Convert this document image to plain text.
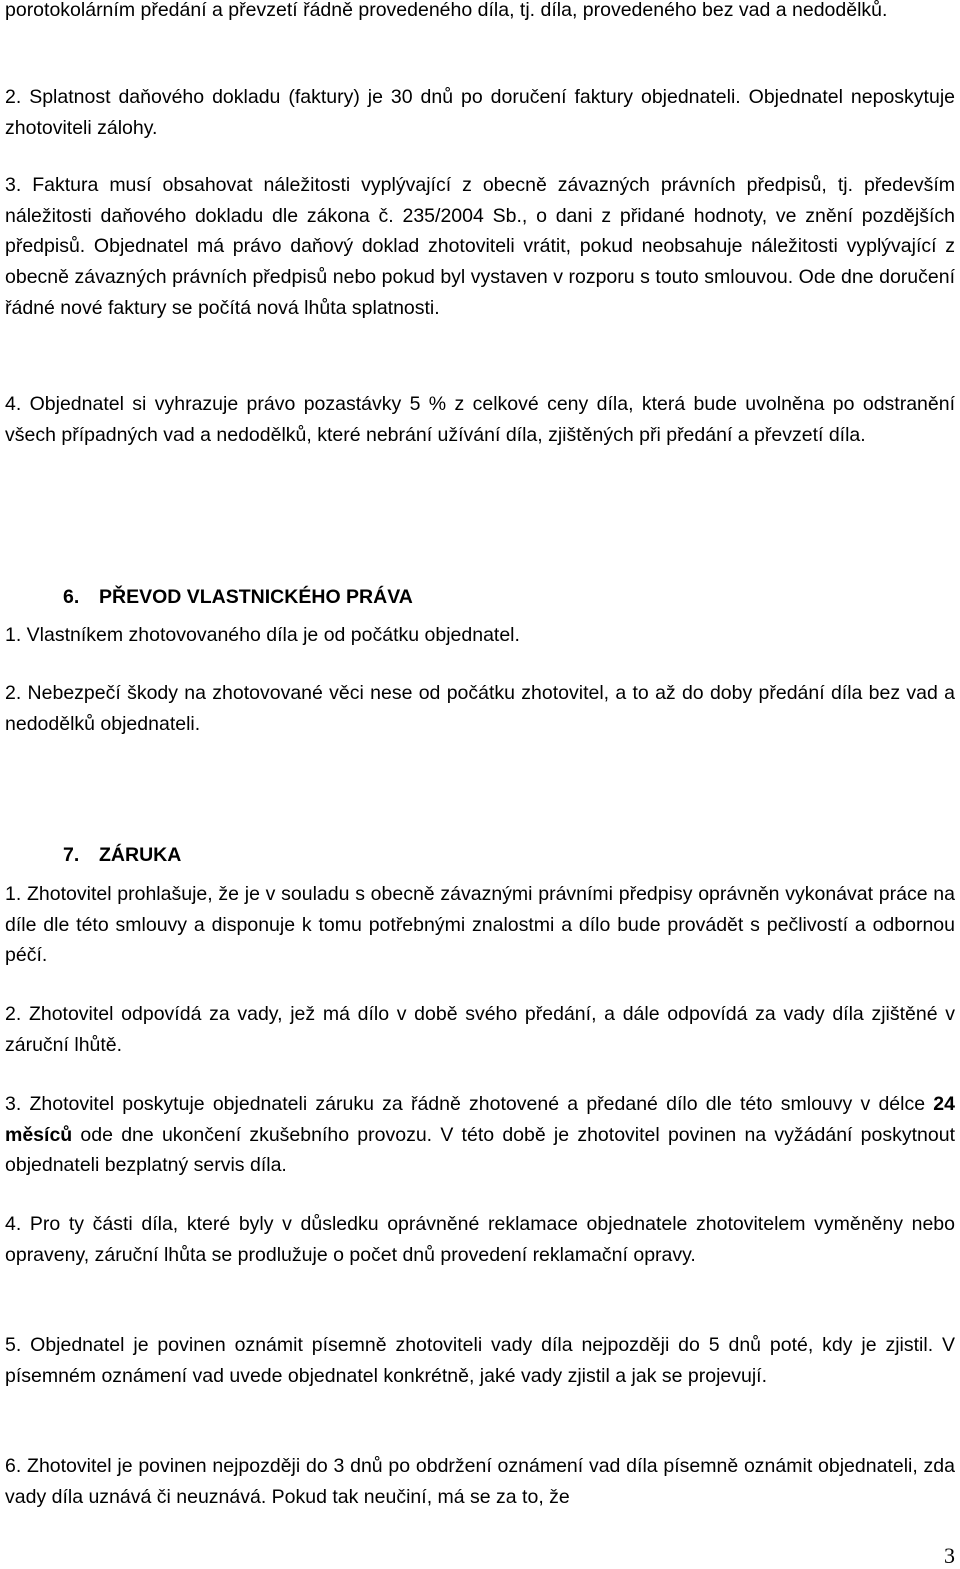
porotokolárním předání a převzetí řádně provedeného díla, tj. díla, provedeného bez vad a nedodělků.

2. Splatnost daňového dokladu (faktury) je 30 dnů po doručení faktury objednateli. Objednatel neposkytuje zhotoviteli zálohy.

3. Faktura musí obsahovat náležitosti vyplývající z obecně závazných právních předpisů, tj. především náležitosti daňového dokladu dle zákona č. 235/2004 Sb., o dani z přidané hodnoty, ve znění pozdějších předpisů. Objednatel má právo daňový doklad zhotoviteli vrátit, pokud neobsahuje náležitosti vyplývající z obecně závazných právních předpisů nebo pokud byl vystaven v rozporu s touto smlouvou. Ode dne doručení řádné nové faktury se počítá nová lhůta splatnosti.

4. Objednatel si vyhrazuje právo pozastávky 5 % z celkové ceny díla, která bude uvolněna po odstranění všech případných vad a nedodělků, které nebrání užívání díla, zjištěných při předání a převzetí díla.

6. PŘEVOD VLASTNICKÉHO PRÁVA

1. Vlastníkem zhotovovaného díla je od počátku objednatel.

2. Nebezpečí škody na zhotovované věci nese od počátku zhotovitel, a to až do doby předání díla bez vad a nedodělků objednateli.

7. ZÁRUKA

1. Zhotovitel prohlašuje, že je v souladu s obecně závaznými právními předpisy oprávněn vykonávat práce na díle dle této smlouvy a disponuje k tomu potřebnými znalostmi a dílo bude provádět s pečlivostí a odbornou péčí.

2. Zhotovitel odpovídá za vady, jež má dílo v době svého předání, a dále odpovídá za vady díla zjištěné v záruční lhůtě.

3. Zhotovitel poskytuje objednateli záruku za řádně zhotovené a předané dílo dle této smlouvy v délce 24 měsíců ode dne ukončení zkušebního provozu. V této době je zhotovitel povinen na vyžádání poskytnout objednateli bezplatný servis díla.

4. Pro ty části díla, které byly v důsledku oprávněné reklamace objednatele zhotovitelem vyměněny nebo opraveny, záruční lhůta se prodlužuje o počet dnů provedení reklamační opravy.

5. Objednatel je povinen oznámit písemně zhotoviteli vady díla nejpozději do 5 dnů poté, kdy je zjistil. V písemném oznámení vad uvede objednatel konkrétně, jaké vady zjistil a jak se projevují.

6. Zhotovitel je povinen nejpozději do 3 dnů po obdržení oznámení vad díla písemně oznámit objednateli, zda vady díla uznává či neuznává. Pokud tak neučiní, má se za to, že

3
